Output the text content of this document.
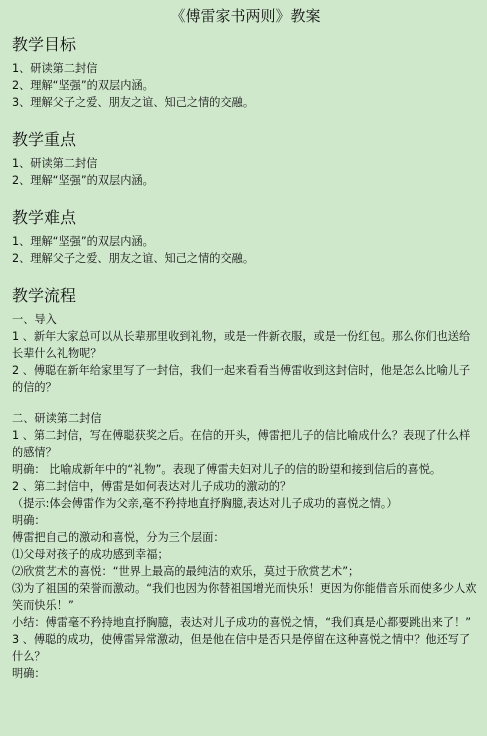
《傅雷家书两则》教案
教学目标

1、研读第二封信

2、理解“坚强”的双层内涵。

3、理解父子之爱、朋友之谊、知己之情的交融。

教学重点

1、研读第二封信

2、理解“坚强”的双层内涵。

教学难点

1、理解“坚强”的双层内涵。

2、理解父子之爱、朋友之谊、知己之情的交融。

教学流程

一、导入

1 、新年大家总可以从长辈那里收到礼物，或是一件新衣服，或是一份红包。那么你们也送给长辈什么礼物呢？

2 、傅聪在新年给家里写了一封信，我们一起来看看当傅雷收到这封信时，他是怎么比喻儿子的信的？

二、研读第二封信

1 、第二封信，写在傅聪获奖之后。在信的开头，傅雷把儿子的信比喻成什么？表现了什么样的感情？

明确： 比喻成新年中的“礼物”。表现了傅雷夫妇对儿子的信的盼望和接到信后的喜悦。

2 、第二封信中，傅雷是如何表达对儿子成功的激动的？

（提示:体会傅雷作为父亲,毫不矜持地直抒胸臆,表达对儿子成功的喜悦之情。）

明确：

傅雷把自己的激动和喜悦，分为三个层面：

⑴父母对孩子的成功感到幸福；

⑵欣赏艺术的喜悦：“世界上最高的最纯洁的欢乐，莫过于欣赏艺术”；

⑶为了祖国的荣誉而激动。“我们也因为你替祖国增光而快乐！更因为你能借音乐而使多少人欢笑而快乐！”

小结：傅雷毫不矜持地直抒胸臆，表达对儿子成功的喜悦之情，“我们真是心都要跳出来了！”

3 、傅聪的成功，使傅雷异常激动，但是他在信中是否只是停留在这种喜悦之情中？他还写了什么？

明确：
